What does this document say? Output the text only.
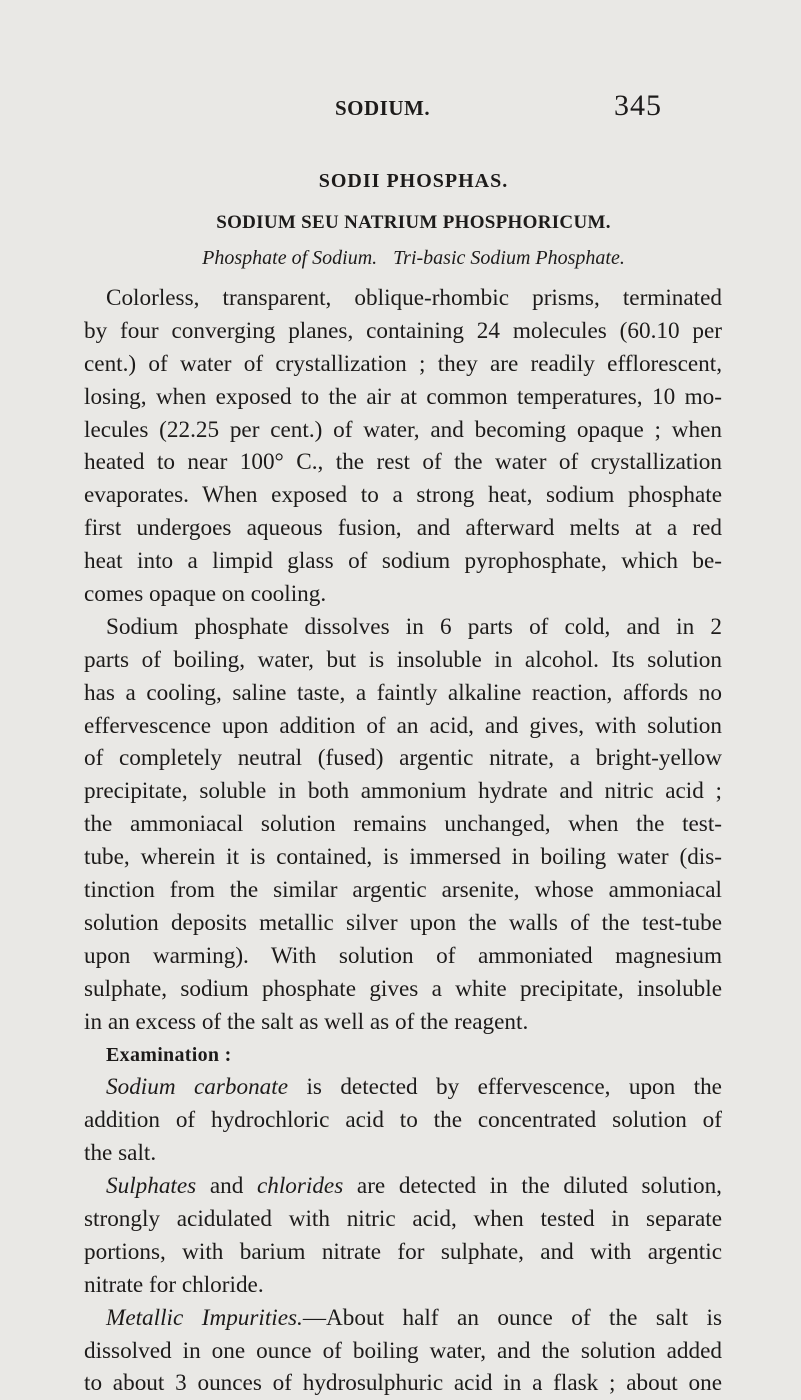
SODIUM.	345
SODII PHOSPHAS.
SODIUM SEU NATRIUM PHOSPHORICUM.
Phosphate of Sodium. Tri-basic Sodium Phosphate.
Colorless, transparent, oblique-rhombic prisms, terminated
by four converging planes, containing 24 molecules (60.10 per
cent.) of water of crystallization ; they are readily efflorescent,
losing, when exposed to the air at common temperatures, 10 mo-
lecules (22.25 per cent.) of water, and becoming opaque ; when
heated to near 100° C., the rest of the water of crystallization
evaporates. When exposed to a strong heat, sodium phosphate
first undergoes aqueous fusion, and afterward melts at a red
heat into a limpid glass of sodium pyrophosphate, which be-
comes opaque on cooling.
Sodium phosphate dissolves in 6 parts of cold, and in 2
parts of boiling, water, but is insoluble in alcohol. Its solution
has a cooling, saline taste, a faintly alkaline reaction, affords no
effervescence upon addition of an acid, and gives, with solution
of completely neutral (fused) argentic nitrate, a bright-yellow
precipitate, soluble in both ammonium hydrate and nitric acid ;
the ammoniacal solution remains unchanged, when the test-
tube, wherein it is contained, is immersed in boiling water (dis-
tinction from the similar argentic arsenite, whose ammoniacal
solution deposits metallic silver upon the walls of the test-tube
upon warming). With solution of ammoniated magnesium
sulphate, sodium phosphate gives a white precipitate, insoluble
in an excess of the salt as well as of the reagent.
Examination :
Sodium carbonate is detected by effervescence, upon the
addition of hydrochloric acid to the concentrated solution of
the salt.
Sulphates and chlorides are detected in the diluted solution,
strongly acidulated with nitric acid, when tested in separate
portions, with barium nitrate for sulphate, and with argentic
nitrate for chloride.
Metallic Impurities.—About half an ounce of the salt is
dissolved in one ounce of boiling water, and the solution added
to about 3 ounces of hydrosulphuric acid in a flask ; about one
